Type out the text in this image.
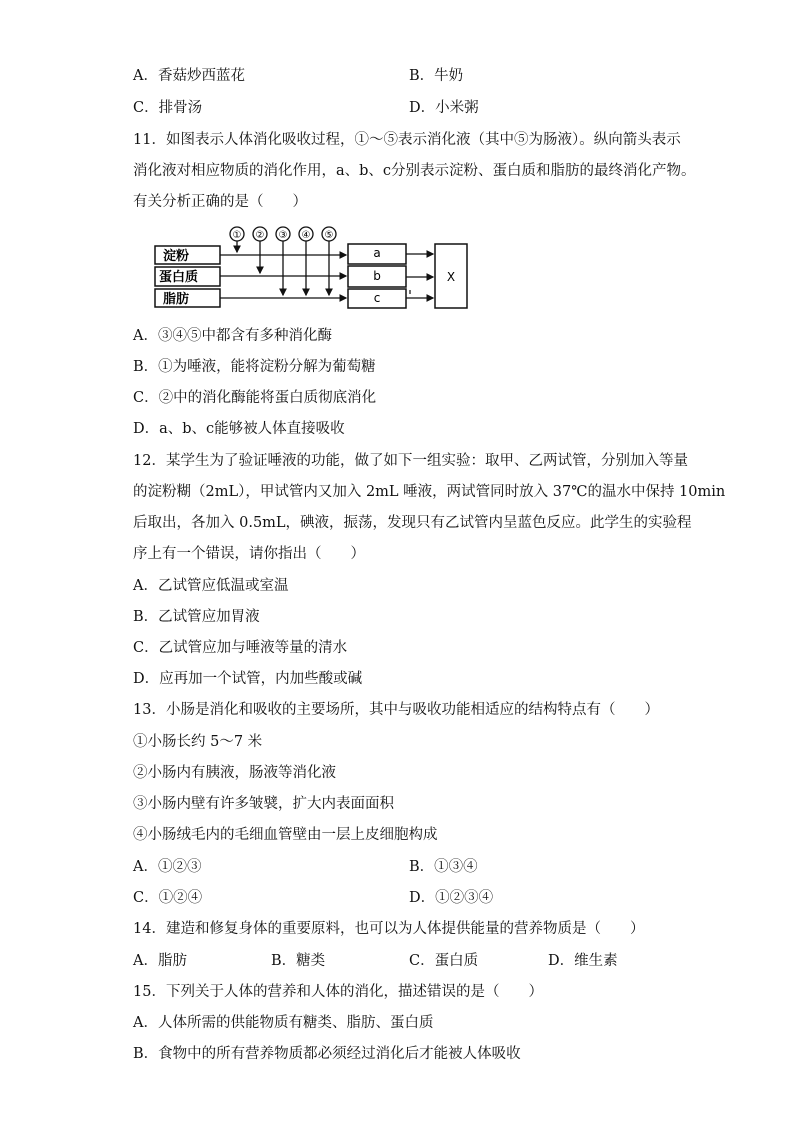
A．香菇炒西蓝花	B．牛奶
C．排骨汤	D．小米粥
11．如图表示人体消化吸收过程，①～⑤表示消化液（其中⑤为肠液）。纵向箭头表示
消化液对相应物质的消化作用，a、b、c分别表示淀粉、蛋白质和脂肪的最终消化产物。
有关分析正确的是（　　）
淀粉
蛋白质
脂肪
① ② ③ ④ ⑤
a
b
c
X
A．③④⑤中都含有多种消化酶
B．①为唾液，能将淀粉分解为葡萄糖
C．②中的消化酶能将蛋白质彻底消化
D．a、b、c能够被人体直接吸收
12．某学生为了验证唾液的功能，做了如下一组实验：取甲、乙两试管，分别加入等量
的淀粉糊（2mL），甲试管内又加入 2mL 唾液，两试管同时放入 37℃的温水中保持 10min
后取出，各加入 0.5mL，碘液，振荡，发现只有乙试管内呈蓝色反应。此学生的实验程
序上有一个错误，请你指出（　　）
A．乙试管应低温或室温
B．乙试管应加胃液
C．乙试管应加与唾液等量的清水
D．应再加一个试管，内加些酸或碱
13．小肠是消化和吸收的主要场所，其中与吸收功能相适应的结构特点有（　　）
①小肠长约 5～7 米
②小肠内有胰液，肠液等消化液
③小肠内壁有许多皱襞，扩大内表面面积
④小肠绒毛内的毛细血管壁由一层上皮细胞构成
A．①②③	B．①③④
C．①②④	D．①②③④
14．建造和修复身体的重要原料，也可以为人体提供能量的营养物质是（　　）
A．脂肪	B．糖类	C．蛋白质	D．维生素
15．下列关于人体的营养和人体的消化，描述错误的是（　　）
A．人体所需的供能物质有糖类、脂肪、蛋白质
B．食物中的所有营养物质都必须经过消化后才能被人体吸收
